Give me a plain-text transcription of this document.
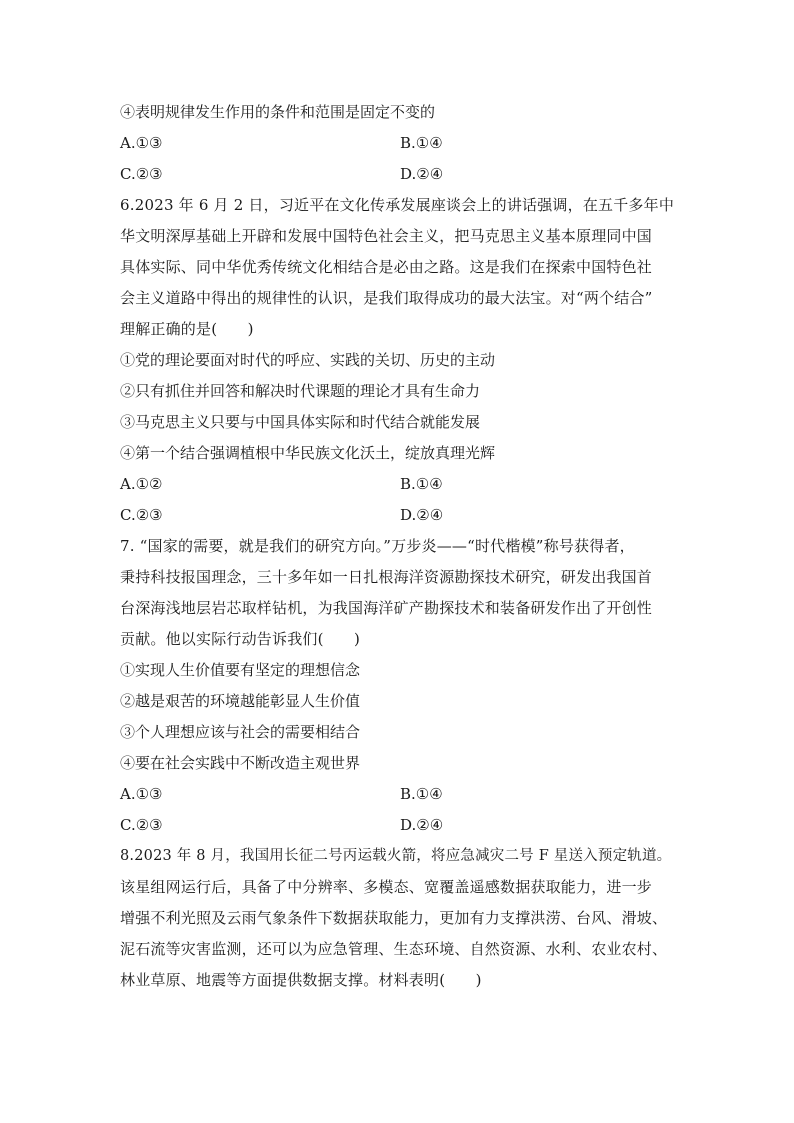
④表明规律发生作用的条件和范围是固定不变的
A.①③	B.①④
C.②③	D.②④
6.2023 年 6 月 2 日，习近平在文化传承发展座谈会上的讲话强调，在五千多年中
华文明深厚基础上开辟和发展中国特色社会主义，把马克思主义基本原理同中国
具体实际、同中华优秀传统文化相结合是必由之路。这是我们在探索中国特色社
会主义道路中得出的规律性的认识，是我们取得成功的最大法宝。对“两个结合”
理解正确的是(　　)
①党的理论要面对时代的呼应、实践的关切、历史的主动
②只有抓住并回答和解决时代课题的理论才具有生命力
③马克思主义只要与中国具体实际和时代结合就能发展
④第一个结合强调植根中华民族文化沃土，绽放真理光辉
A.①②	B.①④
C.②③	D.②④
7. “国家的需要，就是我们的研究方向。”万步炎——“时代楷模”称号获得者，
秉持科技报国理念，三十多年如一日扎根海洋资源勘探技术研究，研发出我国首
台深海浅地层岩芯取样钻机，为我国海洋矿产勘探技术和装备研发作出了开创性
贡献。他以实际行动告诉我们(　　)
①实现人生价值要有坚定的理想信念
②越是艰苦的环境越能彰显人生价值
③个人理想应该与社会的需要相结合
④要在社会实践中不断改造主观世界
A.①③	B.①④
C.②③	D.②④
8.2023 年 8 月，我国用长征二号丙运载火箭，将应急减灾二号 F 星送入预定轨道。
该星组网运行后，具备了中分辨率、多模态、宽覆盖遥感数据获取能力，进一步
增强不利光照及云雨气象条件下数据获取能力，更加有力支撑洪涝、台风、滑坡、
泥石流等灾害监测，还可以为应急管理、生态环境、自然资源、水利、农业农村、
林业草原、地震等方面提供数据支撑。材料表明(　　)
